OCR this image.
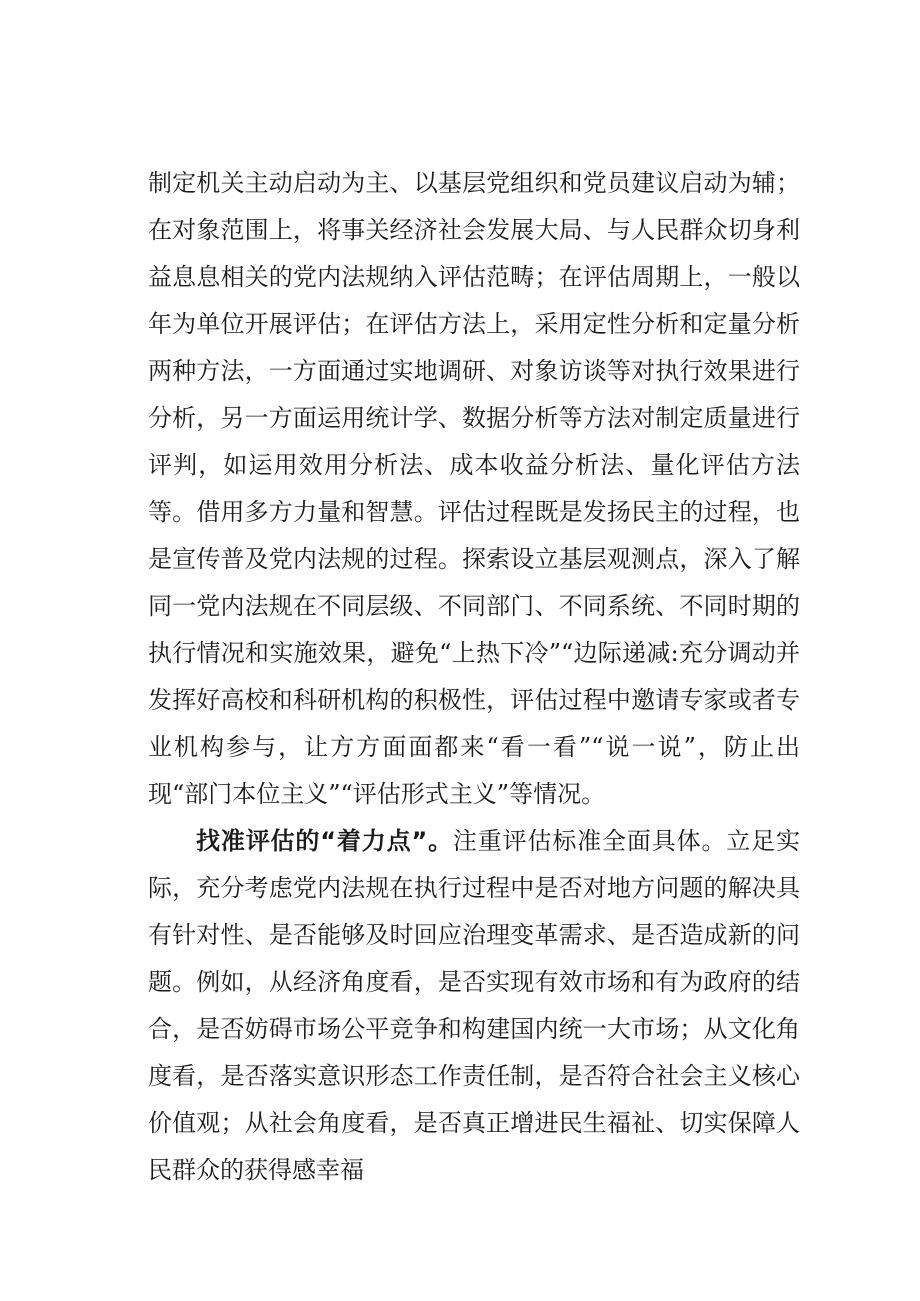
制定机关主动启动为主、以基层党组织和党员建议启动为辅；在对象范围上，将事关经济社会发展大局、与人民群众切身利益息息相关的党内法规纳入评估范畴；在评估周期上，一般以年为单位开展评估；在评估方法上，采用定性分析和定量分析两种方法，一方面通过实地调研、对象访谈等对执行效果进行分析，另一方面运用统计学、数据分析等方法对制定质量进行评判，如运用效用分析法、成本收益分析法、量化评估方法等。借用多方力量和智慧。评估过程既是发扬民主的过程，也是宣传普及党内法规的过程。探索设立基层观测点，深入了解同一党内法规在不同层级、不同部门、不同系统、不同时期的执行情况和实施效果，避免“上热下冷”“边际递减:充分调动并发挥好高校和科研机构的积极性，评估过程中邀请专家或者专业机构参与，让方方面面都来“看一看”“说一说”，防止出现“部门本位主义”“评估形式主义”等情况。

找准评估的“着力点”。注重评估标准全面具体。立足实际，充分考虑党内法规在执行过程中是否对地方问题的解决具有针对性、是否能够及时回应治理变革需求、是否造成新的问题。例如，从经济角度看，是否实现有效市场和有为政府的结合，是否妨碍市场公平竞争和构建国内统一大市场；从文化角度看，是否落实意识形态工作责任制，是否符合社会主义核心价值观；从社会角度看，是否真正增进民生福祉、切实保障人民群众的获得感幸福
